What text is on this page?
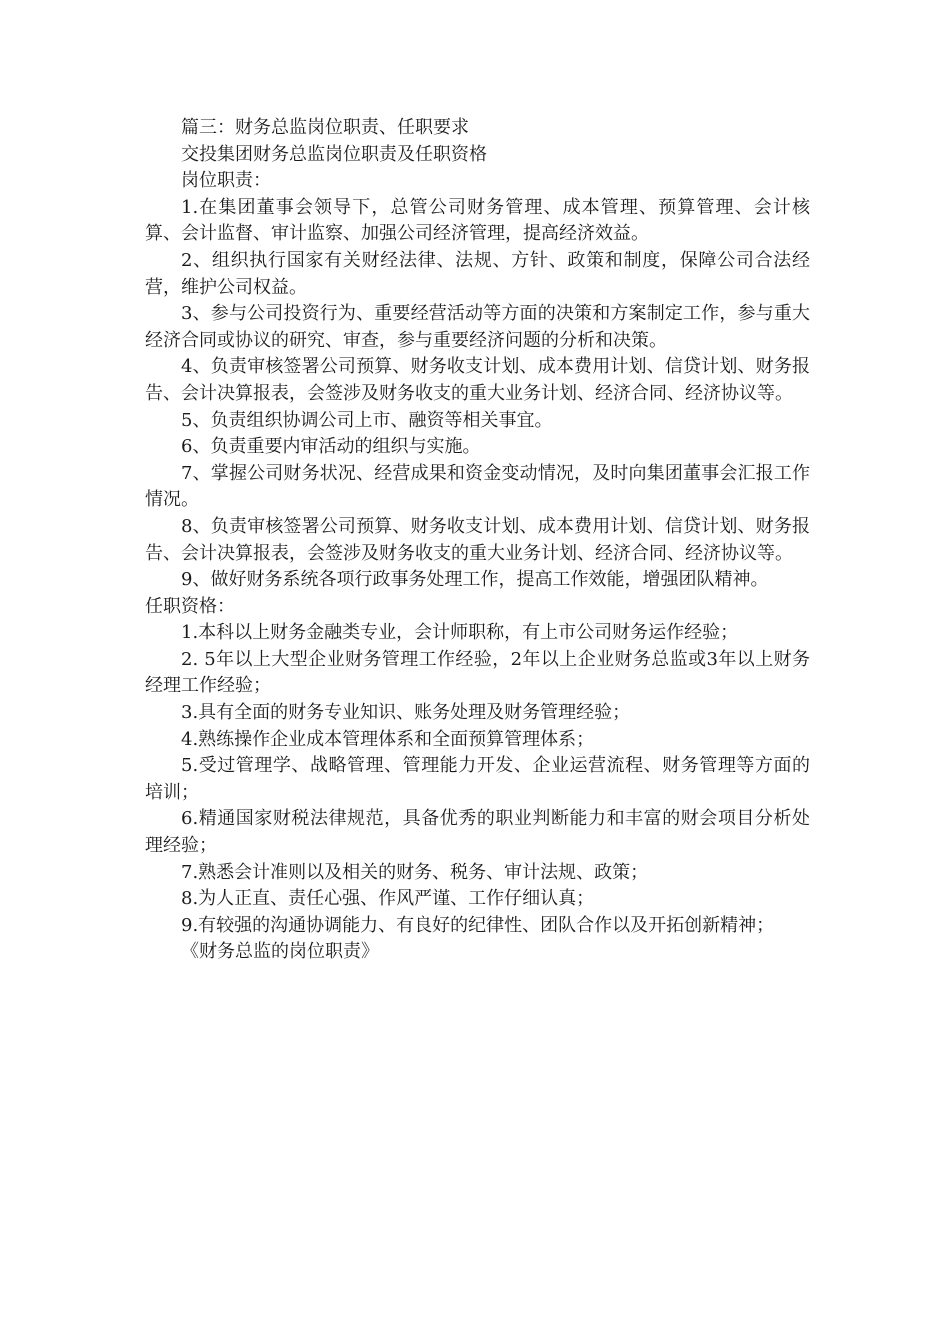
篇三：财务总监岗位职责、任职要求

交投集团财务总监岗位职责及任职资格

岗位职责：

1.在集团董事会领导下，总管公司财务管理、成本管理、预算管理、会计核算、会计监督、审计监察、加强公司经济管理，提高经济效益。

2、组织执行国家有关财经法律、法规、方针、政策和制度，保障公司合法经营，维护公司权益。

3、参与公司投资行为、重要经营活动等方面的决策和方案制定工作，参与重大经济合同或协议的研究、审查，参与重要经济问题的分析和决策。

4、负责审核签署公司预算、财务收支计划、成本费用计划、信贷计划、财务报告、会计决算报表，会签涉及财务收支的重大业务计划、经济合同、经济协议等。

5、负责组织协调公司上市、融资等相关事宜。

6、负责重要内审活动的组织与实施。

7、掌握公司财务状况、经营成果和资金变动情况，及时向集团董事会汇报工作情况。

8、负责审核签署公司预算、财务收支计划、成本费用计划、信贷计划、财务报告、会计决算报表，会签涉及财务收支的重大业务计划、经济合同、经济协议等。

9、做好财务系统各项行政事务处理工作，提高工作效能，增强团队精神。

任职资格：

1.本科以上财务金融类专业，会计师职称，有上市公司财务运作经验；

2. 5年以上大型企业财务管理工作经验，2年以上企业财务总监或3年以上财务经理工作经验；

3.具有全面的财务专业知识、账务处理及财务管理经验；

4.熟练操作企业成本管理体系和全面预算管理体系；

5.受过管理学、战略管理、管理能力开发、企业运营流程、财务管理等方面的培训；

6.精通国家财税法律规范，具备优秀的职业判断能力和丰富的财会项目分析处理经验；

7.熟悉会计准则以及相关的财务、税务、审计法规、政策；

8.为人正直、责任心强、作风严谨、工作仔细认真；

9.有较强的沟通协调能力、有良好的纪律性、团队合作以及开拓创新精神；

《财务总监的岗位职责》
